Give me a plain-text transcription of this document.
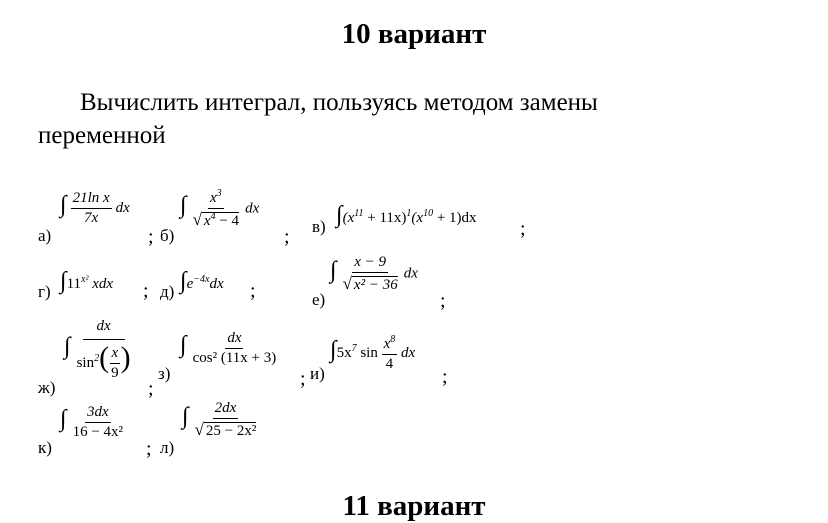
10 вариант
Вычислить интеграл, пользуясь методом замены
переменной
а)
∫ $\frac{\text{21ln x}}{7x}$ dx
; б)
∫ $\frac{x^3}{√ x^4 - 4}$ dx
; в) $\int(x^{11} + 11x)^1(x^{10} + 1)dx$ ;
г) $\int 11^{x^2}$ xdx ; д) $\int e^{-4x}dx$ ;	е)
∫ $\frac{x - 9}{\text{√ x² − 36}}$ dx
;
ж)
∫ $\frac{dx}{\sin^2( \frac{x}{9} )}$
;
з)
∫ $\frac{dx}{\text{cos² (11x + 3)}}$
; и)
$\int 5x^7$ $\sin \frac{x^8}{4}$ dx
;
к)
∫ $\frac{3dx}{\text{16 − 4x²}}$
; л)
∫ $\frac{2dx}{\text{√ 25 − 2x²}}$
11 вариант
